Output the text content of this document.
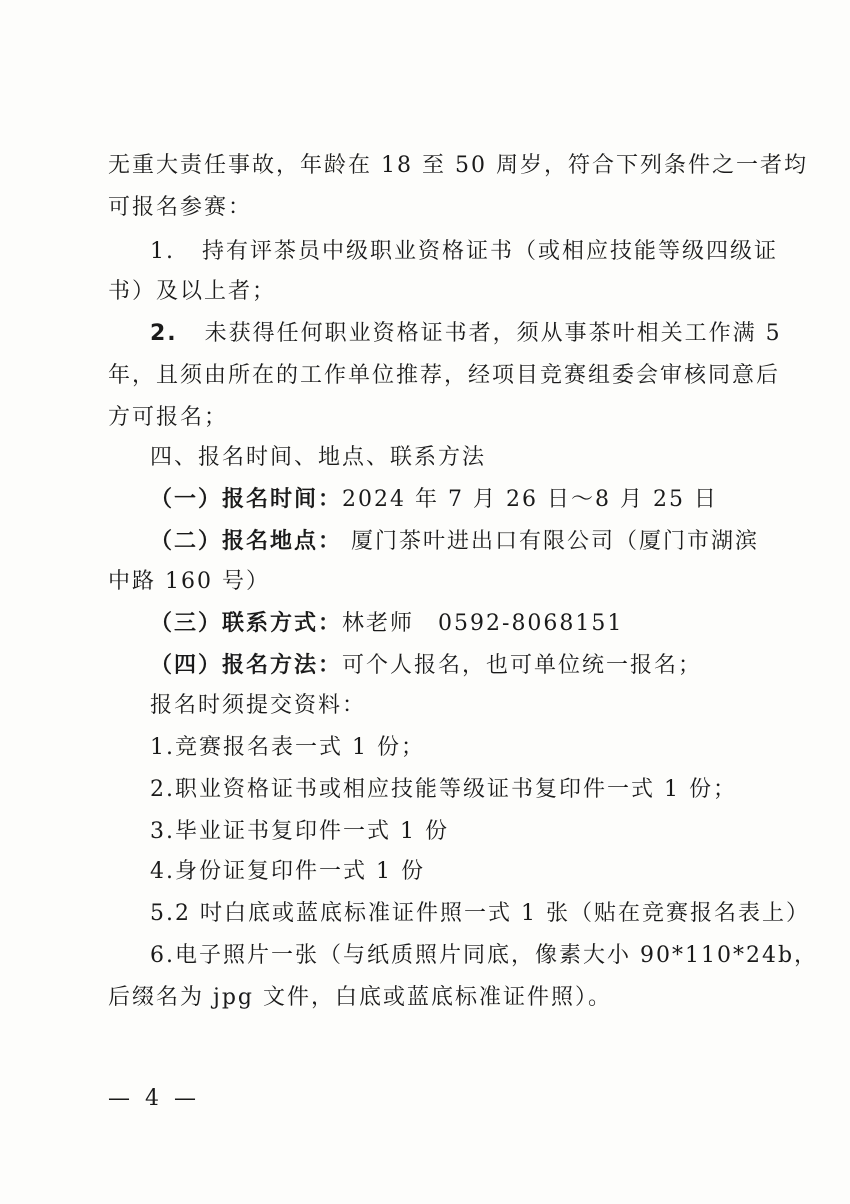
无重大责任事故，年龄在 18 至 50 周岁，符合下列条件之一者均
可报名参赛：
1. 持有评茶员中级职业资格证书（或相应技能等级四级证
书）及以上者；
2. 未获得任何职业资格证书者，须从事茶叶相关工作满 5
年，且须由所在的工作单位推荐，经项目竞赛组委会审核同意后
方可报名；
四、报名时间、地点、联系方法
（一）报名时间：2024 年 7 月 26 日～8 月 25 日
（二）报名地点： 厦门茶叶进出口有限公司（厦门市湖滨
中路 160 号）
（三）联系方式：林老师　0592-8068151
（四）报名方法：可个人报名，也可单位统一报名；
报名时须提交资料：
1.竞赛报名表一式 1 份；
2.职业资格证书或相应技能等级证书复印件一式 1 份；
3.毕业证书复印件一式 1 份
4.身份证复印件一式 1 份
5.2 吋白底或蓝底标准证件照一式 1 张（贴在竞赛报名表上）
6.电子照片一张（与纸质照片同底，像素大小 90*110*24b，
后缀名为 jpg 文件，白底或蓝底标准证件照）。
— 4 —
